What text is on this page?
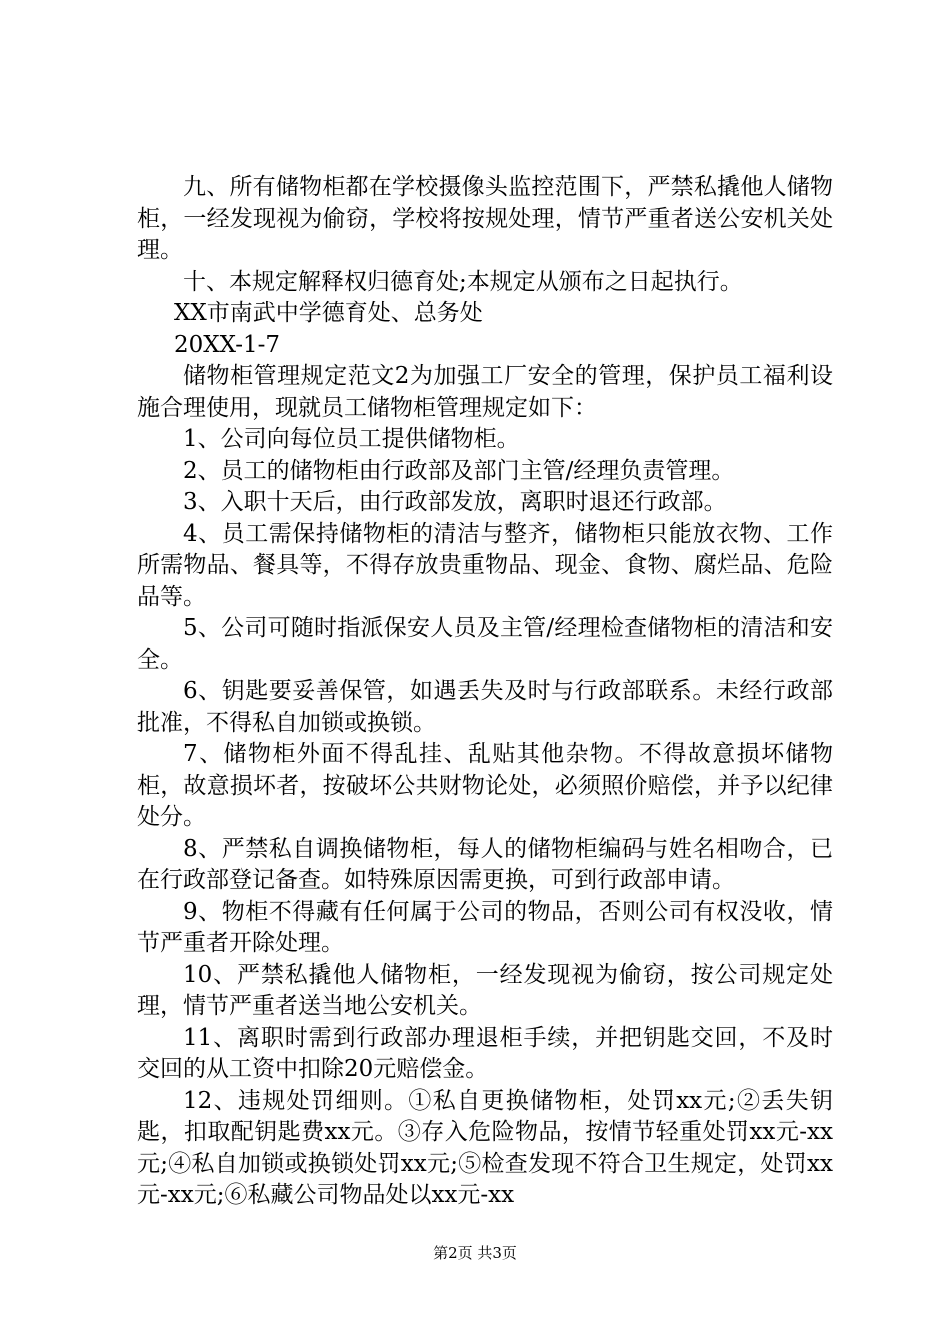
九、所有储物柜都在学校摄像头监控范围下，严禁私撬他人储物柜，一经发现视为偷窃，学校将按规处理，情节严重者送公安机关处理。

十、本规定解释权归德育处;本规定从颁布之日起执行。

XX市南武中学德育处、总务处

20XX-1-7

储物柜管理规定范文2为加强工厂安全的管理，保护员工福利设施合理使用，现就员工储物柜管理规定如下：

1、公司向每位员工提供储物柜。

2、员工的储物柜由行政部及部门主管/经理负责管理。

3、入职十天后，由行政部发放，离职时退还行政部。

4、员工需保持储物柜的清洁与整齐，储物柜只能放衣物、工作所需物品、餐具等，不得存放贵重物品、现金、食物、腐烂品、危险品等。

5、公司可随时指派保安人员及主管/经理检查储物柜的清洁和安全。

6、钥匙要妥善保管，如遇丢失及时与行政部联系。未经行政部批准，不得私自加锁或换锁。

7、储物柜外面不得乱挂、乱贴其他杂物。不得故意损坏储物柜，故意损坏者，按破坏公共财物论处，必须照价赔偿，并予以纪律处分。

8、严禁私自调换储物柜，每人的储物柜编码与姓名相吻合，已在行政部登记备查。如特殊原因需更换，可到行政部申请。

9、物柜不得藏有任何属于公司的物品，否则公司有权没收，情节严重者开除处理。

10、严禁私撬他人储物柜，一经发现视为偷窃，按公司规定处理，情节严重者送当地公安机关。

11、离职时需到行政部办理退柜手续，并把钥匙交回，不及时交回的从工资中扣除20元赔偿金。

12、违规处罚细则。①私自更换储物柜，处罚xx元;②丢失钥匙，扣取配钥匙费xx元。③存入危险物品，按情节轻重处罚xx元-xx元;④私自加锁或换锁处罚xx元;⑤检查发现不符合卫生规定，处罚xx元-xx元;⑥私藏公司物品处以xx元-xx

第2页 共3页
